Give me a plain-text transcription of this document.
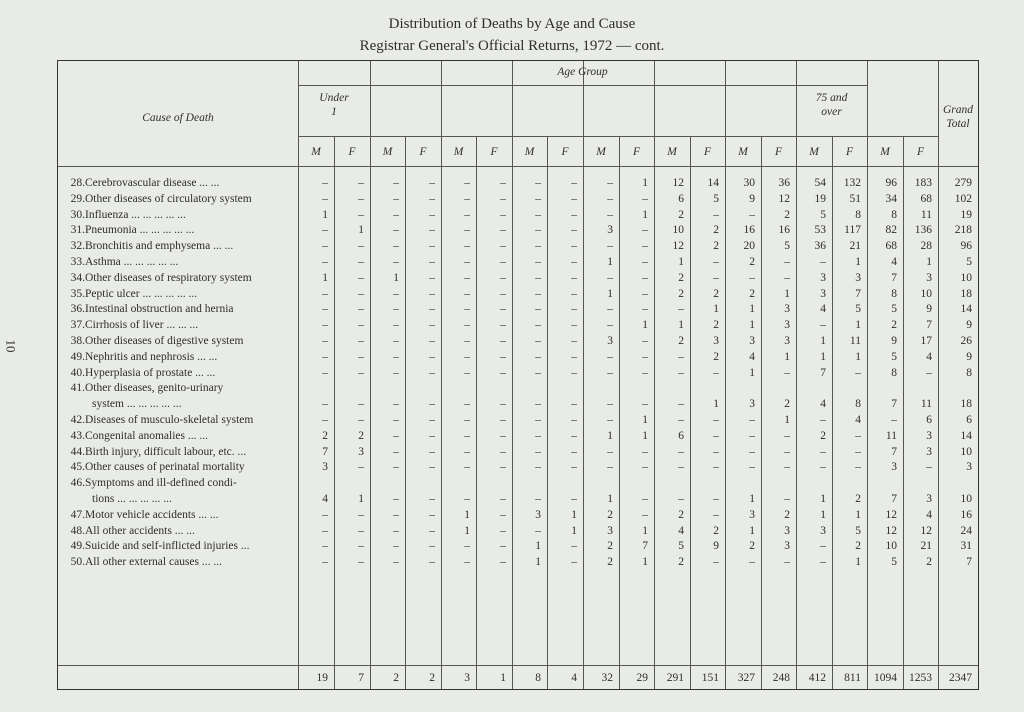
Distribution of Deaths by Age and Cause
Registrar General's Official Returns, 1972 — cont.
10
Cause of Death
Age Group
Under
1
75 and
over	Grand
Total
M	F	M	F	M	F	M	F	M	F	M	F	M	F	M	F	M	F
28. Cerebrovascular disease ... ...	–	–	–	–	–	–	–	–	–	1	12	14	30	36	54	132	96	183	279
29. Other diseases of circulatory system	–	–	–	–	–	–	–	–	–	–	6	5	9	12	19	51	34	68	102
30. Influenza ... ... ... ... ...	1	–	–	–	–	–	–	–	–	1	2	–	–	2	5	8	8	11	19
31. Pneumonia ... ... ... ... ...	–	1	–	–	–	–	–	–	3	–	10	2	16	16	53	117	82	136	218
32. Bronchitis and emphysema ... ...	–	–	–	–	–	–	–	–	–	–	12	2	20	5	36	21	68	28	96
33. Asthma ... ... ... ... ...	–	–	–	–	–	–	–	–	1	–	1	–	2	–	–	1	4	1	5
34. Other diseases of respiratory system	1	–	1	–	–	–	–	–	–	–	2	–	–	–	3	3	7	3	10
35. Peptic ulcer ... ... ... ... ...	–	–	–	–	–	–	–	–	1	–	2	2	2	1	3	7	8	10	18
36. Intestinal obstruction and hernia	–	–	–	–	–	–	–	–	–	–	–	1	1	3	4	5	5	9	14
37. Cirrhosis of liver ... ... ...	–	–	–	–	–	–	–	–	–	1	1	2	1	3	–	1	2	7	9
38. Other diseases of digestive system	–	–	–	–	–	–	–	–	3	–	2	3	3	3	1	11	9	17	26
49. Nephritis and nephrosis ... ...	–	–	–	–	–	–	–	–	–	–	–	2	4	1	1	1	5	4	9
40. Hyperplasia of prostate ... ...	–	–	–	–	–	–	–	–	–	–	–	–	1	–	7	–	8	–	8
41. Other diseases, genito-urinary
system ... ... ... ... ...	–	–	–	–	–	–	–	–	–	–	–	1	3	2	4	8	7	11	18
42. Diseases of musculo-skeletal system	–	–	–	–	–	–	–	–	–	1	–	–	–	1	–	4	–	6	6
43. Congenital anomalies ... ...	2	2	–	–	–	–	–	–	1	1	6	–	–	–	2	–	11	3	14
44. Birth injury, difficult labour, etc. ...	7	3	–	–	–	–	–	–	–	–	–	–	–	–	–	–	7	3	10
45. Other causes of perinatal mortality	3	–	–	–	–	–	–	–	–	–	–	–	–	–	–	–	3	–	3
46. Symptoms and ill-defined condi-
tions ... ... ... ... ...	4	1	–	–	–	–	–	–	1	–	–	–	1	–	1	2	7	3	10
47. Motor vehicle accidents ... ...	–	–	–	–	1	–	3	1	2	–	2	–	3	2	1	1	12	4	16
48. All other accidents ... ...	–	–	–	–	1	–	–	1	3	1	4	2	1	3	3	5	12	12	24
49. Suicide and self-inflicted injuries ...	–	–	–	–	–	–	1	–	2	7	5	9	2	3	–	2	10	21	31
50. All other external causes ... ...	–	–	–	–	–	–	1	–	2	1	2	–	–	–	–	1	5	2	7
19	7	2	2	3	1	8	4	32	29	291	151	327	248	412	811	1094	1253	2347
